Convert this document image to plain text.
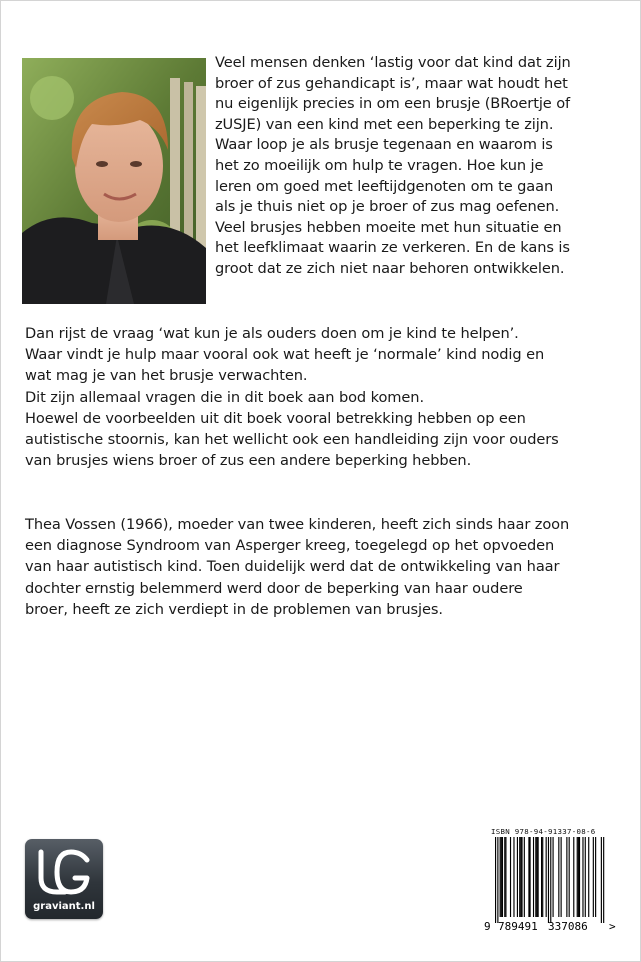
Veel mensen denken ‘lastig voor dat kind dat zijn
broer of zus gehandicapt is’, maar wat houdt het
nu eigenlijk precies in om een brusje (BRoertje of
zUSJE) van een kind met een beperking te zijn.
Waar loop je als brusje tegenaan en waarom is
het zo moeilijk om hulp te vragen. Hoe kun je
leren om goed met leeftijdgenoten om te gaan
als je thuis niet op je broer of zus mag oefenen.
Veel brusjes hebben moeite met hun situatie en
het leefklimaat waarin ze verkeren. En de kans is
groot dat ze zich niet naar behoren ontwikkelen.

Dan rijst de vraag ‘wat kun je als ouders doen om je kind te helpen’.
Waar vindt je hulp maar vooral ook wat heeft je ‘normale’ kind nodig en
wat mag je van het brusje verwachten.
Dit zijn allemaal vragen die in dit boek aan bod komen.
Hoewel de voorbeelden uit dit boek vooral betrekking hebben op een
autistische stoornis, kan het wellicht ook een handleiding zijn voor ouders
van brusjes wiens broer of zus een andere beperking hebben.

Thea Vossen (1966), moeder van twee kinderen, heeft zich sinds haar zoon
een diagnose Syndroom van Asperger kreeg, toegelegd op het opvoeden
van haar autistisch kind. Toen duidelijk werd dat de ontwikkeling van haar
dochter ernstig belemmerd werd door de beperking van haar oudere
broer, heeft ze zich verdiept in de problemen van brusjes.

graviant.nl
ISBN 978-94-91337-08-6
9 789491 337086 >
